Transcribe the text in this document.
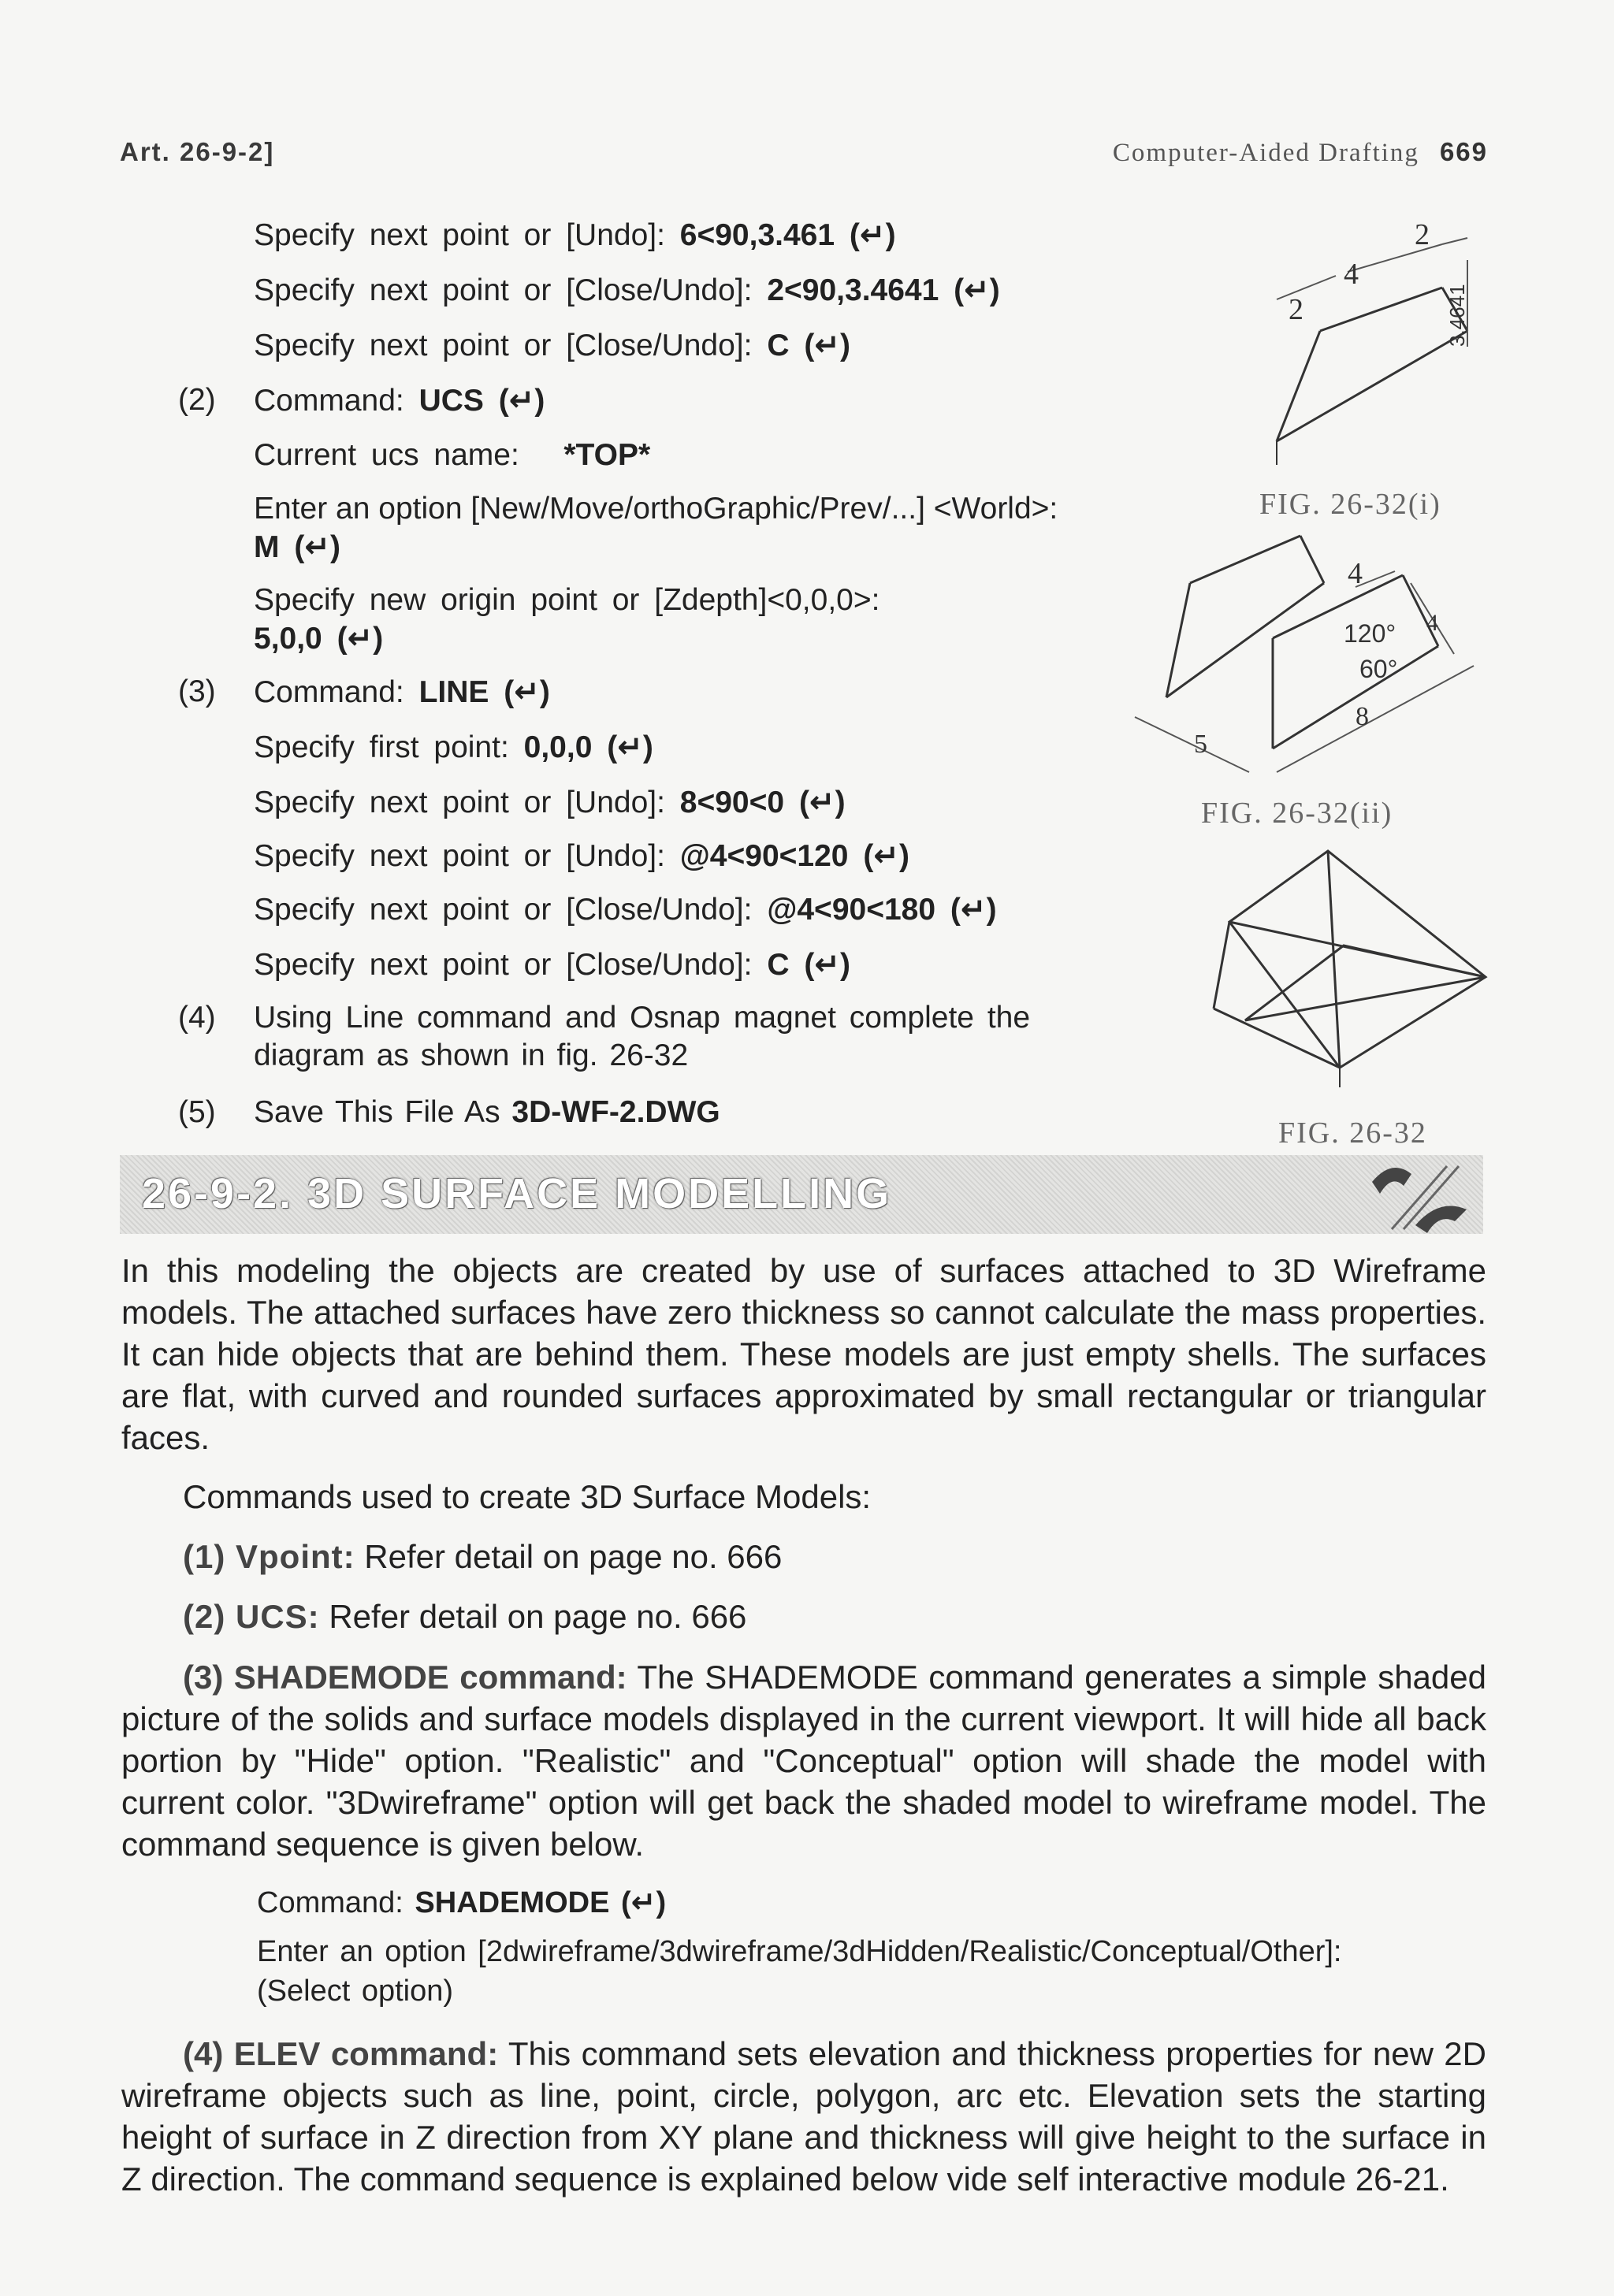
Art. 26-9-2]	Computer-Aided Drafting 669
Specify next point or [Undo]: 6<90,3.461 (↵)
Specify next point or [Close/Undo]: 2<90,3.4641 (↵)
Specify next point or [Close/Undo]: C (↵)
(2) Command: UCS (↵)
Current ucs name: *TOP*
Enter an option [New/Move/orthoGraphic/Prev/...] <World>:
M (↵)
Specify new origin point or [Zdepth]<0,0,0>:
5,0,0 (↵)
(3) Command: LINE (↵)
Specify first point: 0,0,0 (↵)
Specify next point or [Undo]: 8<90<0 (↵)
Specify next point or [Undo]: @4<90<120 (↵)
Specify next point or [Close/Undo]: @4<90<180 (↵)
Specify next point or [Close/Undo]: C (↵)
(4) Using Line command and Osnap magnet complete the
diagram as shown in fig. 26-32
(5) Save This File As 3D-WF-2.DWG
2
4
2
3.4641
FIG. 26-32(i)
4
4
120°
60°
5
8
FIG. 26-32(ii)
FIG. 26-32
26-9-2. 3D SURFACE MODELLING
In this modeling the objects are created by use of surfaces attached to 3D Wireframe models. The attached surfaces have zero thickness so cannot calculate the mass properties. It can hide objects that are behind them. These models are just empty shells. The surfaces are flat, with curved and rounded surfaces approximated by small rectangular or triangular faces.
Commands used to create 3D Surface Models:
(1) Vpoint: Refer detail on page no. 666
(2) UCS: Refer detail on page no. 666
(3) SHADEMODE command: The SHADEMODE command generates a simple shaded picture of the solids and surface models displayed in the current viewport. It will hide all back portion by "Hide" option. "Realistic" and "Conceptual" option will shade the model with current color. "3Dwireframe" option will get back the shaded model to wireframe model. The command sequence is given below.
Command: SHADEMODE (↵)
Enter an option [2dwireframe/3dwireframe/3dHidden/Realistic/Conceptual/Other]:
(Select option)
(4) ELEV command: This command sets elevation and thickness properties for new 2D wireframe objects such as line, point, circle, polygon, arc etc. Elevation sets the starting height of surface in Z direction from XY plane and thickness will give height to the surface in Z direction. The command sequence is explained below vide self interactive module 26-21.
